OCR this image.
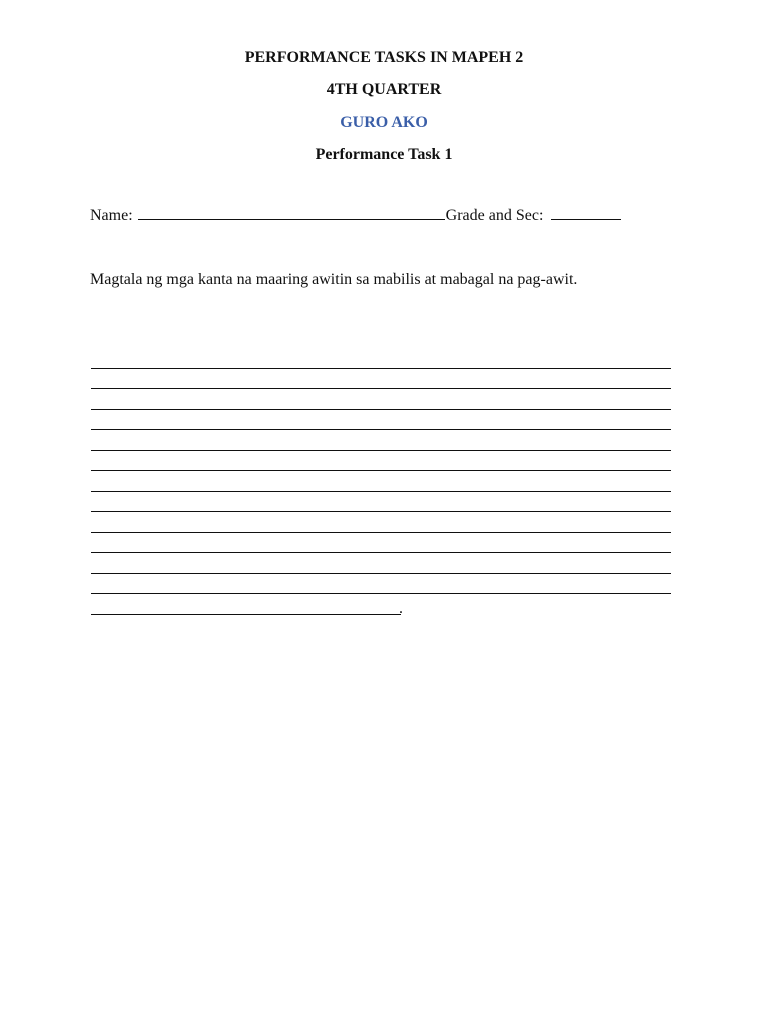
PERFORMANCE TASKS IN MAPEH 2
4TH QUARTER
GURO AKO
Performance Task 1
Name:	Grade and Sec:
Magtala ng mga kanta na maaring awitin sa mabilis at mabagal na pag-awit.
.
